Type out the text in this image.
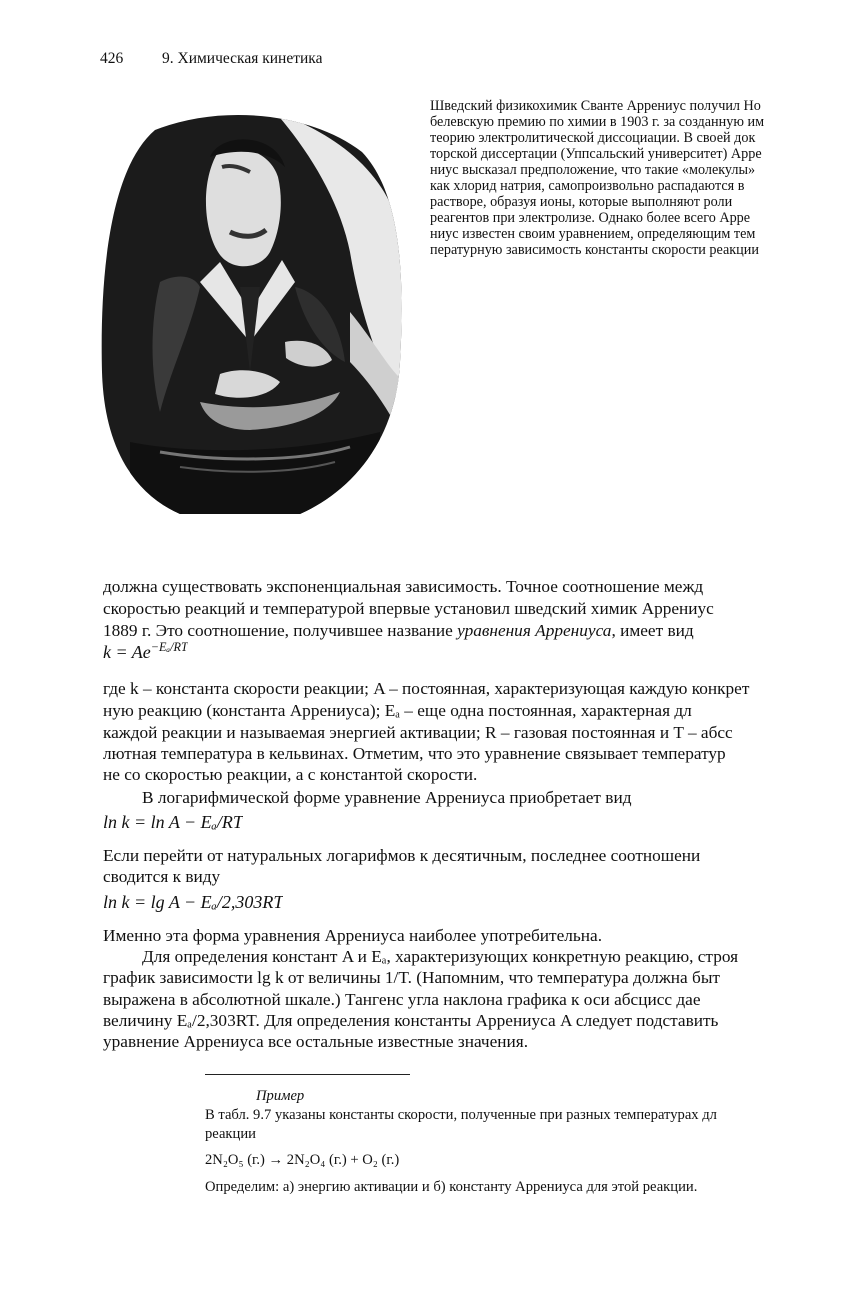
426	9. Химическая кинетика
Шведский физикохимик Сванте Аррениус получил Но
белевскую премию по химии в 1903 г. за созданную им
теорию электролитической диссоциации. В своей док
торской диссертации (Уппсальский университет) Арре
ниус высказал предположение, что такие «молекулы»
как хлорид натрия, самопроизвольно распадаются в
растворе, образуя ионы, которые выполняют роли
реагентов при электролизе. Однако более всего Арре
ниус известен своим уравнением, определяющим тем
пературную зависимость константы скорости реакции
должна существовать экспоненциальная зависимость. Точное соотношение межд
скоростью реакций и температурой впервые установил шведский химик Аррениус
1889 г. Это соотношение, получившее название уравнения Аррениуса, имеет вид
$k = Ae^{-E_a/RT}$
где k – константа скорости реакции; A – постоянная, характеризующая каждую конкрет
ную реакцию (константа Аррениуса); Eₐ – еще одна постоянная, характерная дл
каждой реакции и называемая энергией активации; R – газовая постоянная и T – абсс
лютная температура в кельвинах. Отметим, что это уравнение связывает температур
не со скоростью реакции, а с константой скорости.
В логарифмической форме уравнение Аррениуса приобретает вид
ln k = ln A − Eₐ/RT
Если перейти от натуральных логарифмов к десятичным, последнее соотношени
сводится к виду
ln k = lg A − Eₐ/2,303RT
Именно эта форма уравнения Аррениуса наиболее употребительна.
Для определения констант A и Eₐ, характеризующих конкретную реакцию, строя
график зависимости lg k от величины 1/T. (Напомним, что температура должна быт
выражена в абсолютной шкале.) Тангенс угла наклона графика к оси абсцисс дае
величину Eₐ/2,303RT. Для определения константы Аррениуса A следует подставить
уравнение Аррениуса все остальные известные значения.
Пример
В табл. 9.7 указаны константы скорости, полученные при разных температурах дл
реакции
2N₂O₅ (г.) → 2N₂O₄ (г.) + O₂ (г.)
Определим: а) энергию активации и б) константу Аррениуса для этой реакции.
